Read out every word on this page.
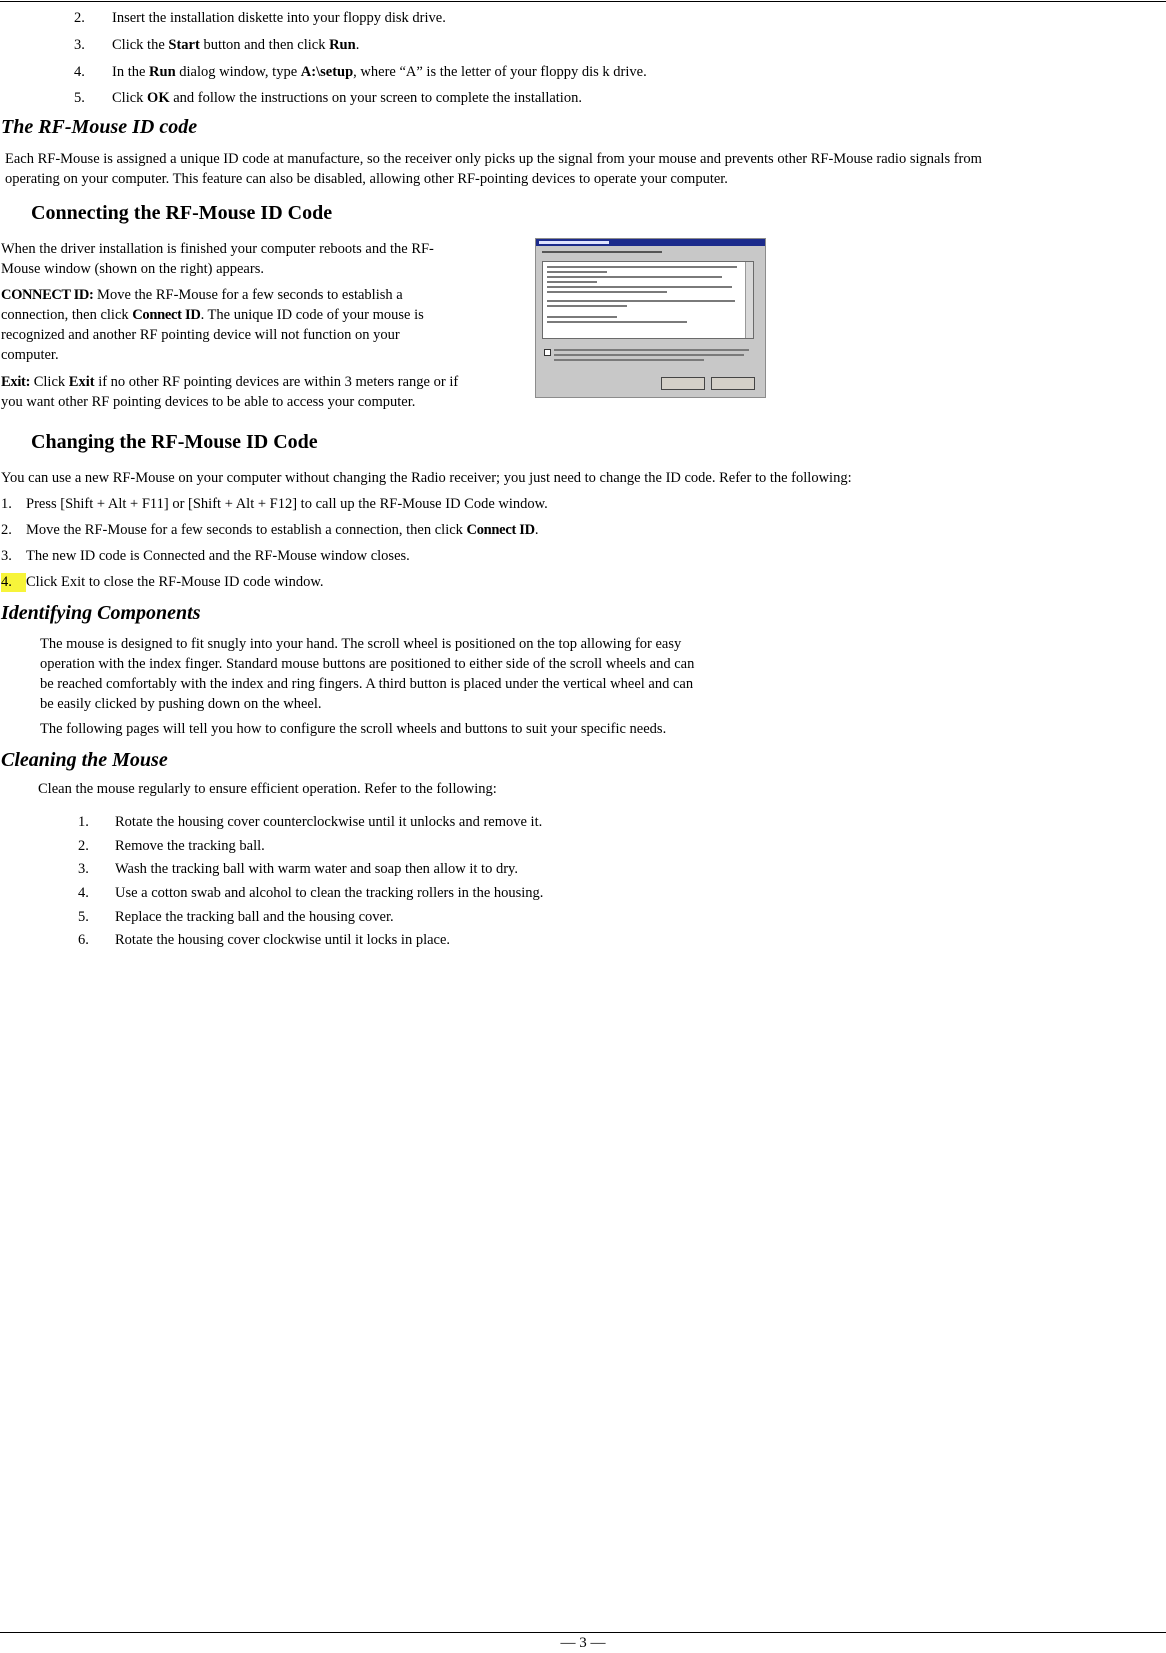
2. Insert the installation diskette into your floppy disk drive.
3. Click the Start button and then click Run.
4. In the Run dialog window, type A:\setup, where “A” is the letter of your floppy dis k drive.
5. Click OK and follow the instructions on your screen to complete the installation.
The RF-Mouse ID code
Each RF-Mouse is assigned a unique ID code at manufacture, so the receiver only picks up the signal from your mouse and prevents other RF-Mouse radio signals from
operating on your computer. This feature can also be disabled, allowing other RF-pointing devices to operate your computer.
Connecting the RF-Mouse ID Code
When the driver installation is finished your computer reboots and the RF-
Mouse window (shown on the right) appears.
CONNECT ID: Move the RF-Mouse for a few seconds to establish a
connection, then click Connect ID. The unique ID code of your mouse is
recognized and another RF pointing device will not function on your
computer.
Exit: Click Exit if no other RF pointing devices are within 3 meters range or if
you want other RF pointing devices to be able to access your computer.
Changing the RF-Mouse ID Code
You can use a new RF-Mouse on your computer without changing the Radio receiver; you just need to change the ID code. Refer to the following:
1. Press [Shift + Alt + F11] or [Shift + Alt + F12] to call up the RF-Mouse ID Code window.
2. Move the RF-Mouse for a few seconds to establish a connection, then click Connect ID.
3. The new ID code is Connected and the RF-Mouse window closes.
4. Click Exit to close the RF-Mouse ID code window.
Identifying Components
The mouse is designed to fit snugly into your hand. The scroll wheel is positioned on the top allowing for easy
operation with the index finger. Standard mouse buttons are positioned to either side of the scroll wheels and can
be reached comfortably with the index and ring fingers. A third button is placed under the vertical wheel and can
be easily clicked by pushing down on the wheel.
The following pages will tell you how to configure the scroll wheels and buttons to suit your specific needs.
Cleaning the Mouse
Clean the mouse regularly to ensure efficient operation. Refer to the following:
1. Rotate the housing cover counterclockwise until it unlocks and remove it.
2. Remove the tracking ball.
3. Wash the tracking ball with warm water and soap then allow it to dry.
4. Use a cotton swab and alcohol to clean the tracking rollers in the housing.
5. Replace the tracking ball and the housing cover.
6. Rotate the housing cover clockwise until it locks in place.
— 3 —
